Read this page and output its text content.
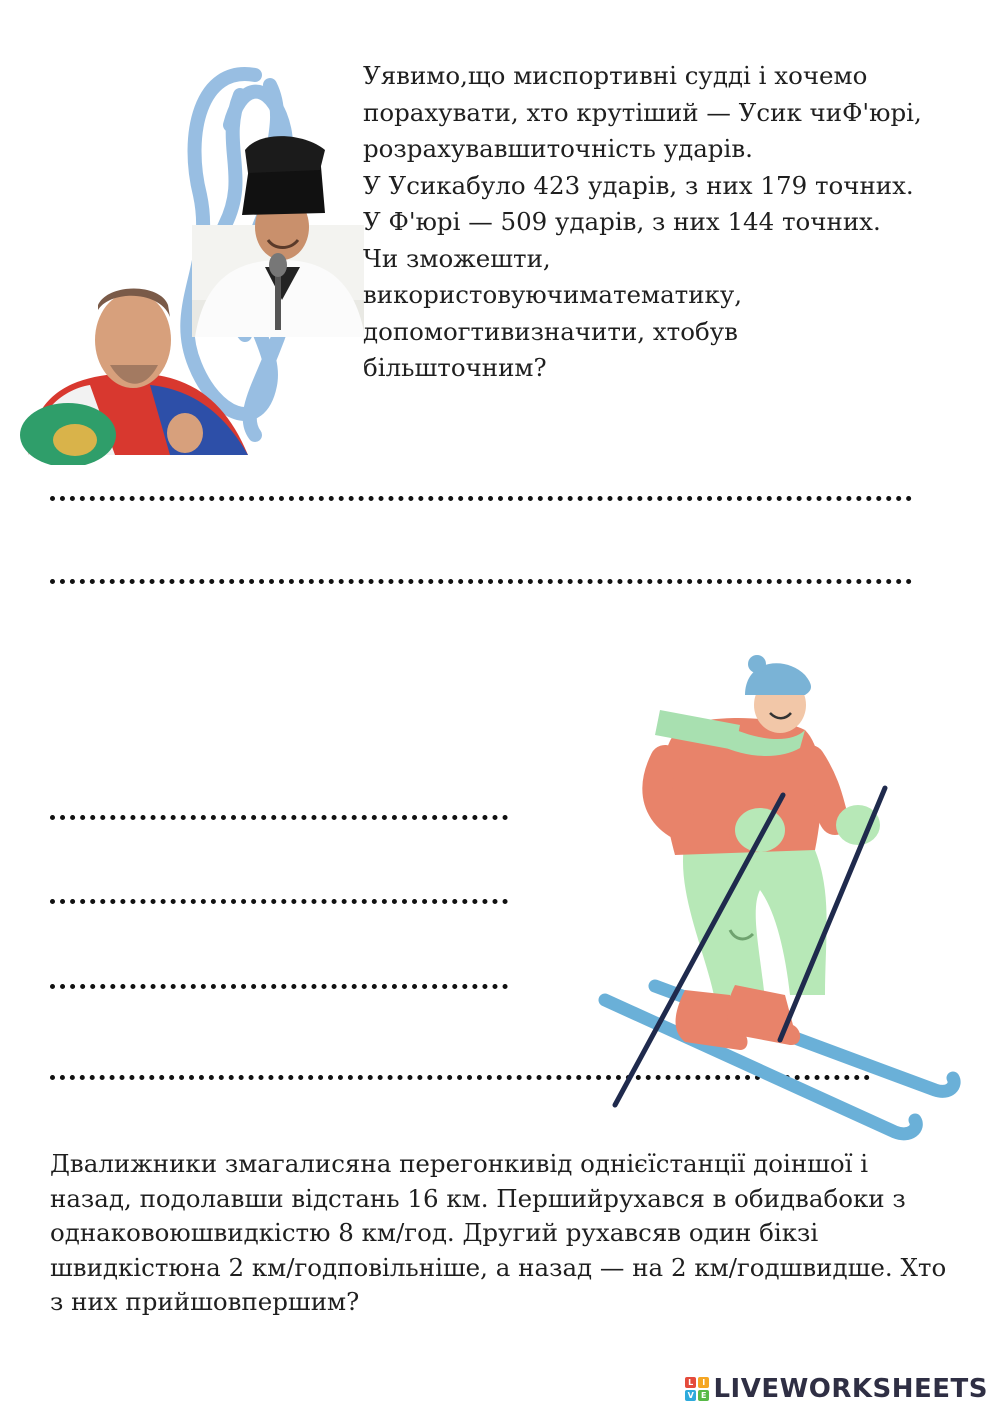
Уявимо,що миспортивні судді і хочемо
порахувати, хто крутіший — Усик чиФ'юрі,
розрахувавшиточність ударів.
У Усикабуло 423 ударів, з них 179 точних.
У Ф'юрі — 509 ударів, з них 144 точних.
Чи зможешти,
використовуючиматематику,
допомогтивизначити, хтобув
більшточним?
Двалижники змагалисяна перегонкивід однієїстанції доіншої і
назад, подолавши відстань 16 км. Першийрухався в обидвабоки з
однаковоюшвидкістю 8 км/год. Другий рухавсяв один бікзі
швидкістюна 2 км/годповільніше, а назад — на 2 км/годшвидше. Хто
з них прийшовпершим?
L	I
V E LIVEWORKSHEETS
